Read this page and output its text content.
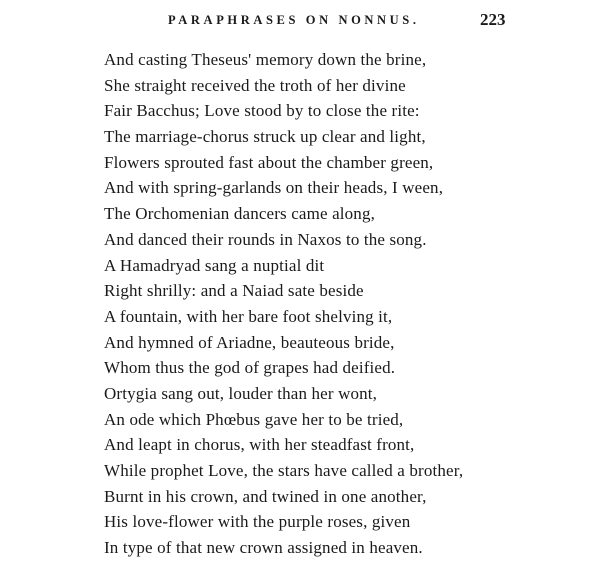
PARAPHRASES ON NONNUS.	223
And casting Theseus' memory down the brine,
She straight received the troth of her divine
Fair Bacchus; Love stood by to close the rite:
The marriage-chorus struck up clear and light,
Flowers sprouted fast about the chamber green,
And with spring-garlands on their heads, I ween,
The Orchomenian dancers came along,
And danced their rounds in Naxos to the song.
A Hamadryad sang a nuptial dit
Right shrilly: and a Naiad sate beside
A fountain, with her bare foot shelving it,
And hymned of Ariadne, beauteous bride,
Whom thus the god of grapes had deified.
Ortygia sang out, louder than her wont,
An ode which Phœbus gave her to be tried,
And leapt in chorus, with her steadfast front,
While prophet Love, the stars have called a brother,
Burnt in his crown, and twined in one another,
His love-flower with the purple roses, given
In type of that new crown assigned in heaven.
